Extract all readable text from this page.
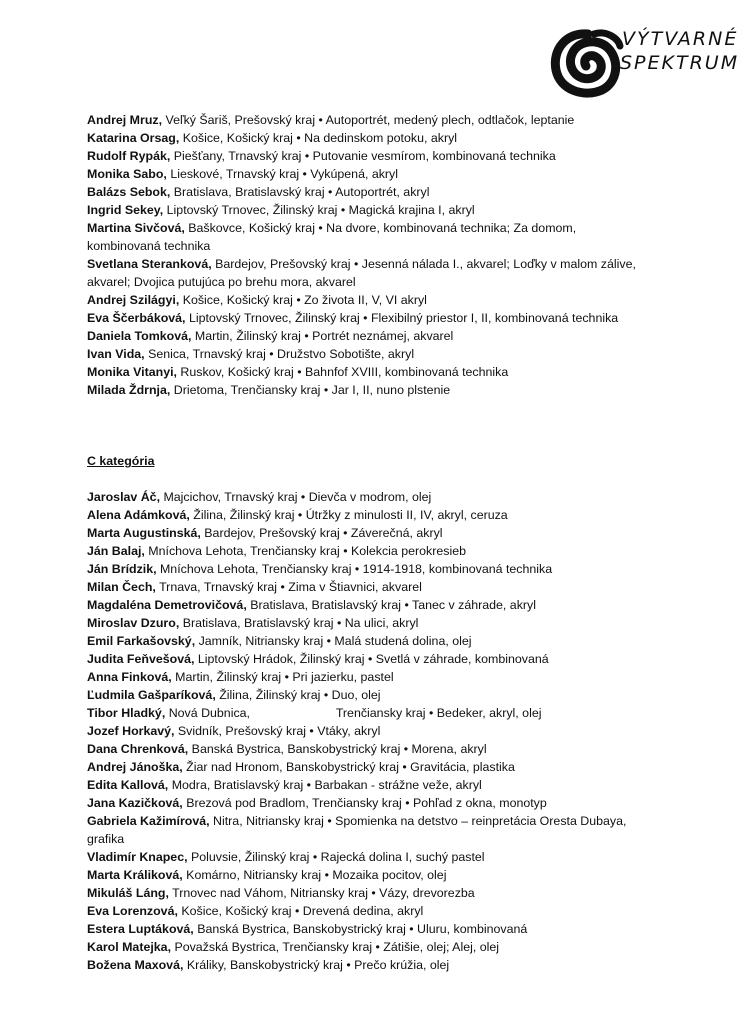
VÝTVARNÉ
SPEKTRUM

Andrej Mruz, Veľký Šariš, Prešovský kraj • Autoportrét, medený plech, odtlačok, leptanie

Katarina Orsag, Košice, Košický kraj • Na dedinskom potoku, akryl

Rudolf Rypák, Piešťany, Trnavský kraj • Putovanie vesmírom, kombinovaná technika

Monika Sabo, Lieskové, Trnavský kraj • Vykúpená, akryl

Balázs Sebok, Bratislava, Bratislavský kraj • Autoportrét, akryl

Ingrid Sekey, Liptovský Trnovec, Žilinský kraj • Magická krajina I, akryl

Martina Sivčová, Baškovce, Košický kraj • Na dvore, kombinovaná technika; Za domom, kombinovaná technika

Svetlana Steranková, Bardejov, Prešovský kraj • Jesenná nálada I., akvarel; Loďky v malom zálive, akvarel; Dvojica putujúca po brehu mora, akvarel

Andrej Szilágyi, Košice, Košický kraj • Zo života II, V, VI akryl

Eva Ščerbáková, Liptovský Trnovec, Žilinský kraj • Flexibilný priestor I, II, kombinovaná technika

Daniela Tomková, Martin, Žilinský kraj • Portrét neznámej, akvarel

Ivan Vida, Senica, Trnavský kraj • Družstvo Sobotište, akryl

Monika Vitanyi, Ruskov, Košický kraj • Bahnfof XVIII, kombinovaná technika

Milada Ždrnja, Drietoma, Trenčiansky kraj • Jar I, II, nuno plstenie

C kategória

Jaroslav Áč, Majcichov, Trnavský kraj • Dievča v modrom, olej

Alena Adámková, Žilina, Žilinský kraj • Útržky z minulosti II, IV, akryl, ceruza

Marta Augustinská, Bardejov, Prešovský kraj • Záverečná, akryl

Ján Balaj, Mníchova Lehota, Trenčiansky kraj • Kolekcia perokresieb

Ján Brídzik, Mníchova Lehota, Trenčiansky kraj • 1914-1918, kombinovaná technika

Milan Čech, Trnava, Trnavský kraj • Zima v Štiavnici, akvarel

Magdaléna Demetrovičová, Bratislava, Bratislavský kraj • Tanec v záhrade, akryl

Miroslav Dzuro, Bratislava, Bratislavský kraj • Na ulici, akryl

Emil Farkašovský, Jamník, Nitriansky kraj • Malá studená dolina, olej

Judita Feňvešová, Liptovský Hrádok, Žilinský kraj • Svetlá v záhrade, kombinovaná

Anna Finková, Martin, Žilinský kraj • Pri jazierku, pastel

Ľudmila Gašparíková, Žilina, Žilinský kraj • Duo, olej

Tibor Hladký, Nová Dubnica,                         Trenčiansky kraj • Bedeker, akryl, olej

Jozef Horkavý, Svidník, Prešovský kraj • Vtáky, akryl

Dana Chrenková, Banská Bystrica, Banskobystrický kraj • Morena, akryl

Andrej Jánoška, Žiar nad Hronom, Banskobystrický kraj • Gravitácia, plastika

Edita Kallová, Modra, Bratislavský kraj • Barbakan - strážne veže, akryl

Jana Kazičková, Brezová pod Bradlom, Trenčiansky kraj • Pohľad z okna, monotyp

Gabriela Kažimírová, Nitra, Nitriansky kraj • Spomienka na detstvo – reinpretácia Oresta Dubaya, grafika

Vladimír Knapec, Poluvsie, Žilinský kraj • Rajecká dolina I, suchý pastel

Marta Králiková, Komárno, Nitriansky kraj • Mozaika pocitov, olej

Mikuláš Láng, Trnovec nad Váhom, Nitriansky kraj • Vázy, drevorezba

Eva Lorenzová, Košice, Košický kraj • Drevená dedina, akryl

Estera Luptáková, Banská Bystrica, Banskobystrický kraj • Uluru, kombinovaná

Karol Matejka, Považská Bystrica, Trenčiansky kraj • Zátišie, olej; Alej, olej

Božena Maxová, Králiky, Banskobystrický kraj • Prečo krúžia, olej
